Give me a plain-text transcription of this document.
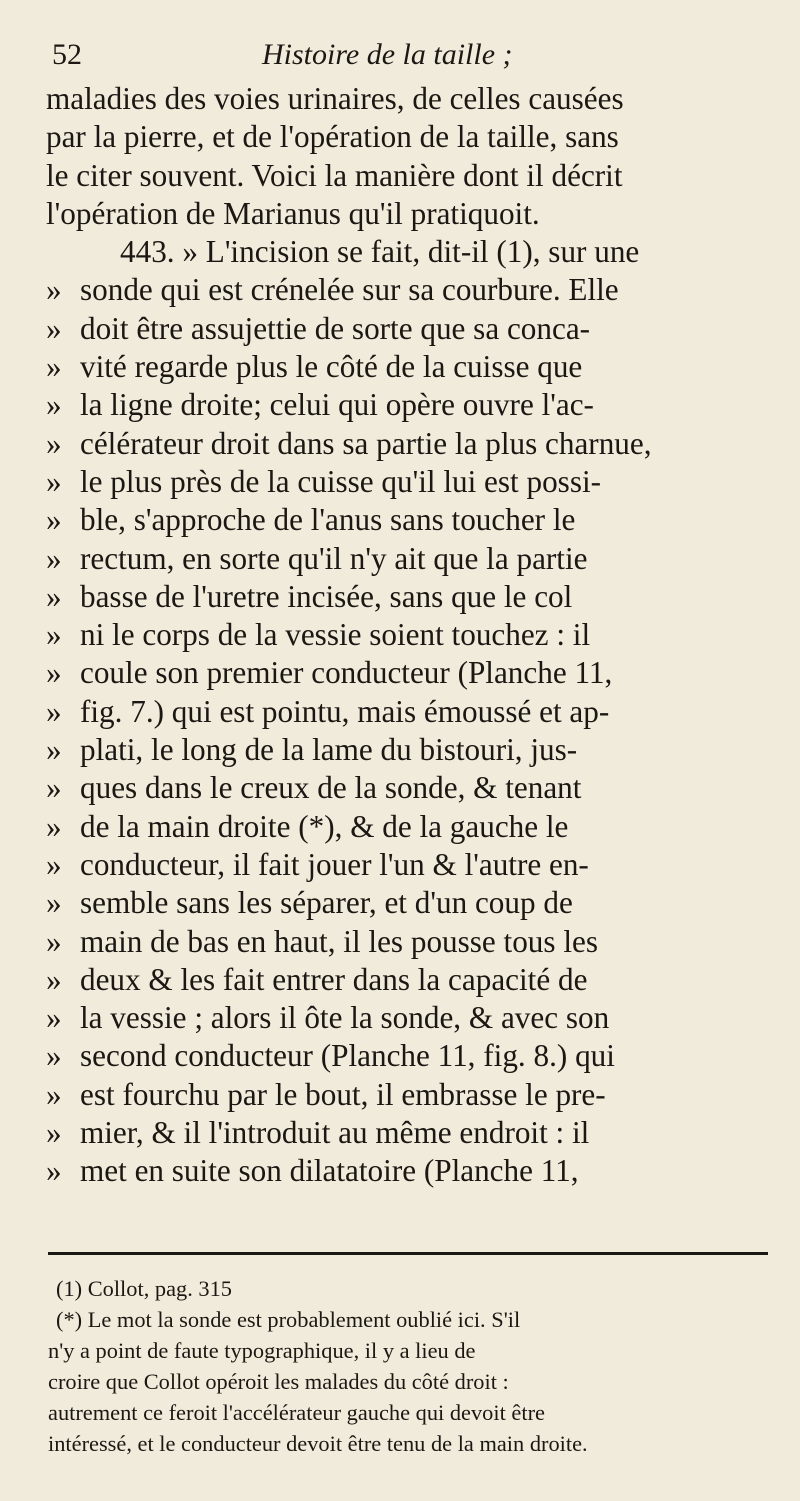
52	Histoire de la taille ;
maladies des voies urinaires, de celles causées
par la pierre, et de l'opération de la taille, sans
le citer souvent. Voici la manière dont il décrit
l'opération de Marianus qu'il pratiquoit.
443. » L'incision se fait, dit-il (1), sur une
» sonde qui est crénelée sur sa courbure. Elle
» doit être assujettie de sorte que sa conca-
» vité regarde plus le côté de la cuisse que
» la ligne droite; celui qui opère ouvre l'ac-
» célérateur droit dans sa partie la plus charnue,
» le plus près de la cuisse qu'il lui est possi-
» ble, s'approche de l'anus sans toucher le
» rectum, en sorte qu'il n'y ait que la partie
» basse de l'uretre incisée, sans que le col
» ni le corps de la vessie soient touchez : il
» coule son premier conducteur (Planche 11,
» fig. 7.) qui est pointu, mais émoussé et ap-
» plati, le long de la lame du bistouri, jus-
» ques dans le creux de la sonde, & tenant
» de la main droite (*), & de la gauche le
» conducteur, il fait jouer l'un & l'autre en-
» semble sans les séparer, et d'un coup de
» main de bas en haut, il les pousse tous les
» deux & les fait entrer dans la capacité de
» la vessie ; alors il ôte la sonde, & avec son
» second conducteur (Planche 11, fig. 8.) qui
» est fourchu par le bout, il embrasse le pre-
» mier, & il l'introduit au même endroit : il
» met en suite son dilatatoire (Planche 11,
(1) Collot, pag. 315
(*) Le mot la sonde est probablement oublié ici. S'il
n'y a point de faute typographique, il y a lieu de
croire que Collot opéroit les malades du côté droit :
autrement ce feroit l'accélérateur gauche qui devoit être
intéressé, et le conducteur devoit être tenu de la main droite.
